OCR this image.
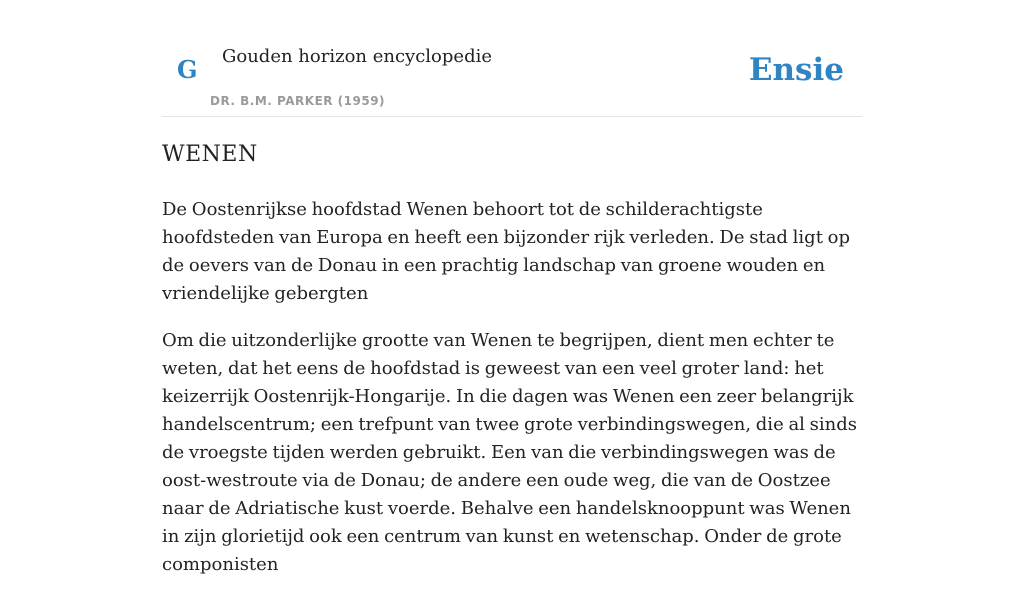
G Gouden horizon encyclopedie
DR. B.M. PARKER (1959)
Ensie
WENEN

De Oostenrijkse hoofdstad Wenen behoort tot de schilderachtigste hoofdsteden van Europa en heeft een bijzonder rijk verleden. De stad ligt op de oevers van de Donau in een prachtig landschap van groene wouden en vriendelijke gebergten

Om die uitzonderlijke grootte van Wenen te begrijpen, dient men echter te weten, dat het eens de hoofdstad is geweest van een veel groter land: het keizerrijk Oostenrijk-Hongarije. In die dagen was Wenen een zeer belangrijk handelscentrum; een trefpunt van twee grote verbindingswegen, die al sinds de vroegste tijden werden gebruikt. Een van die verbindingswegen was de oost-westroute via de Donau; de andere een oude weg, die van de Oostzee naar de Adriatische kust voerde. Behalve een handelsknooppunt was Wenen in zijn glorietijd ook een centrum van kunst en wetenschap. Onder de grote componisten
